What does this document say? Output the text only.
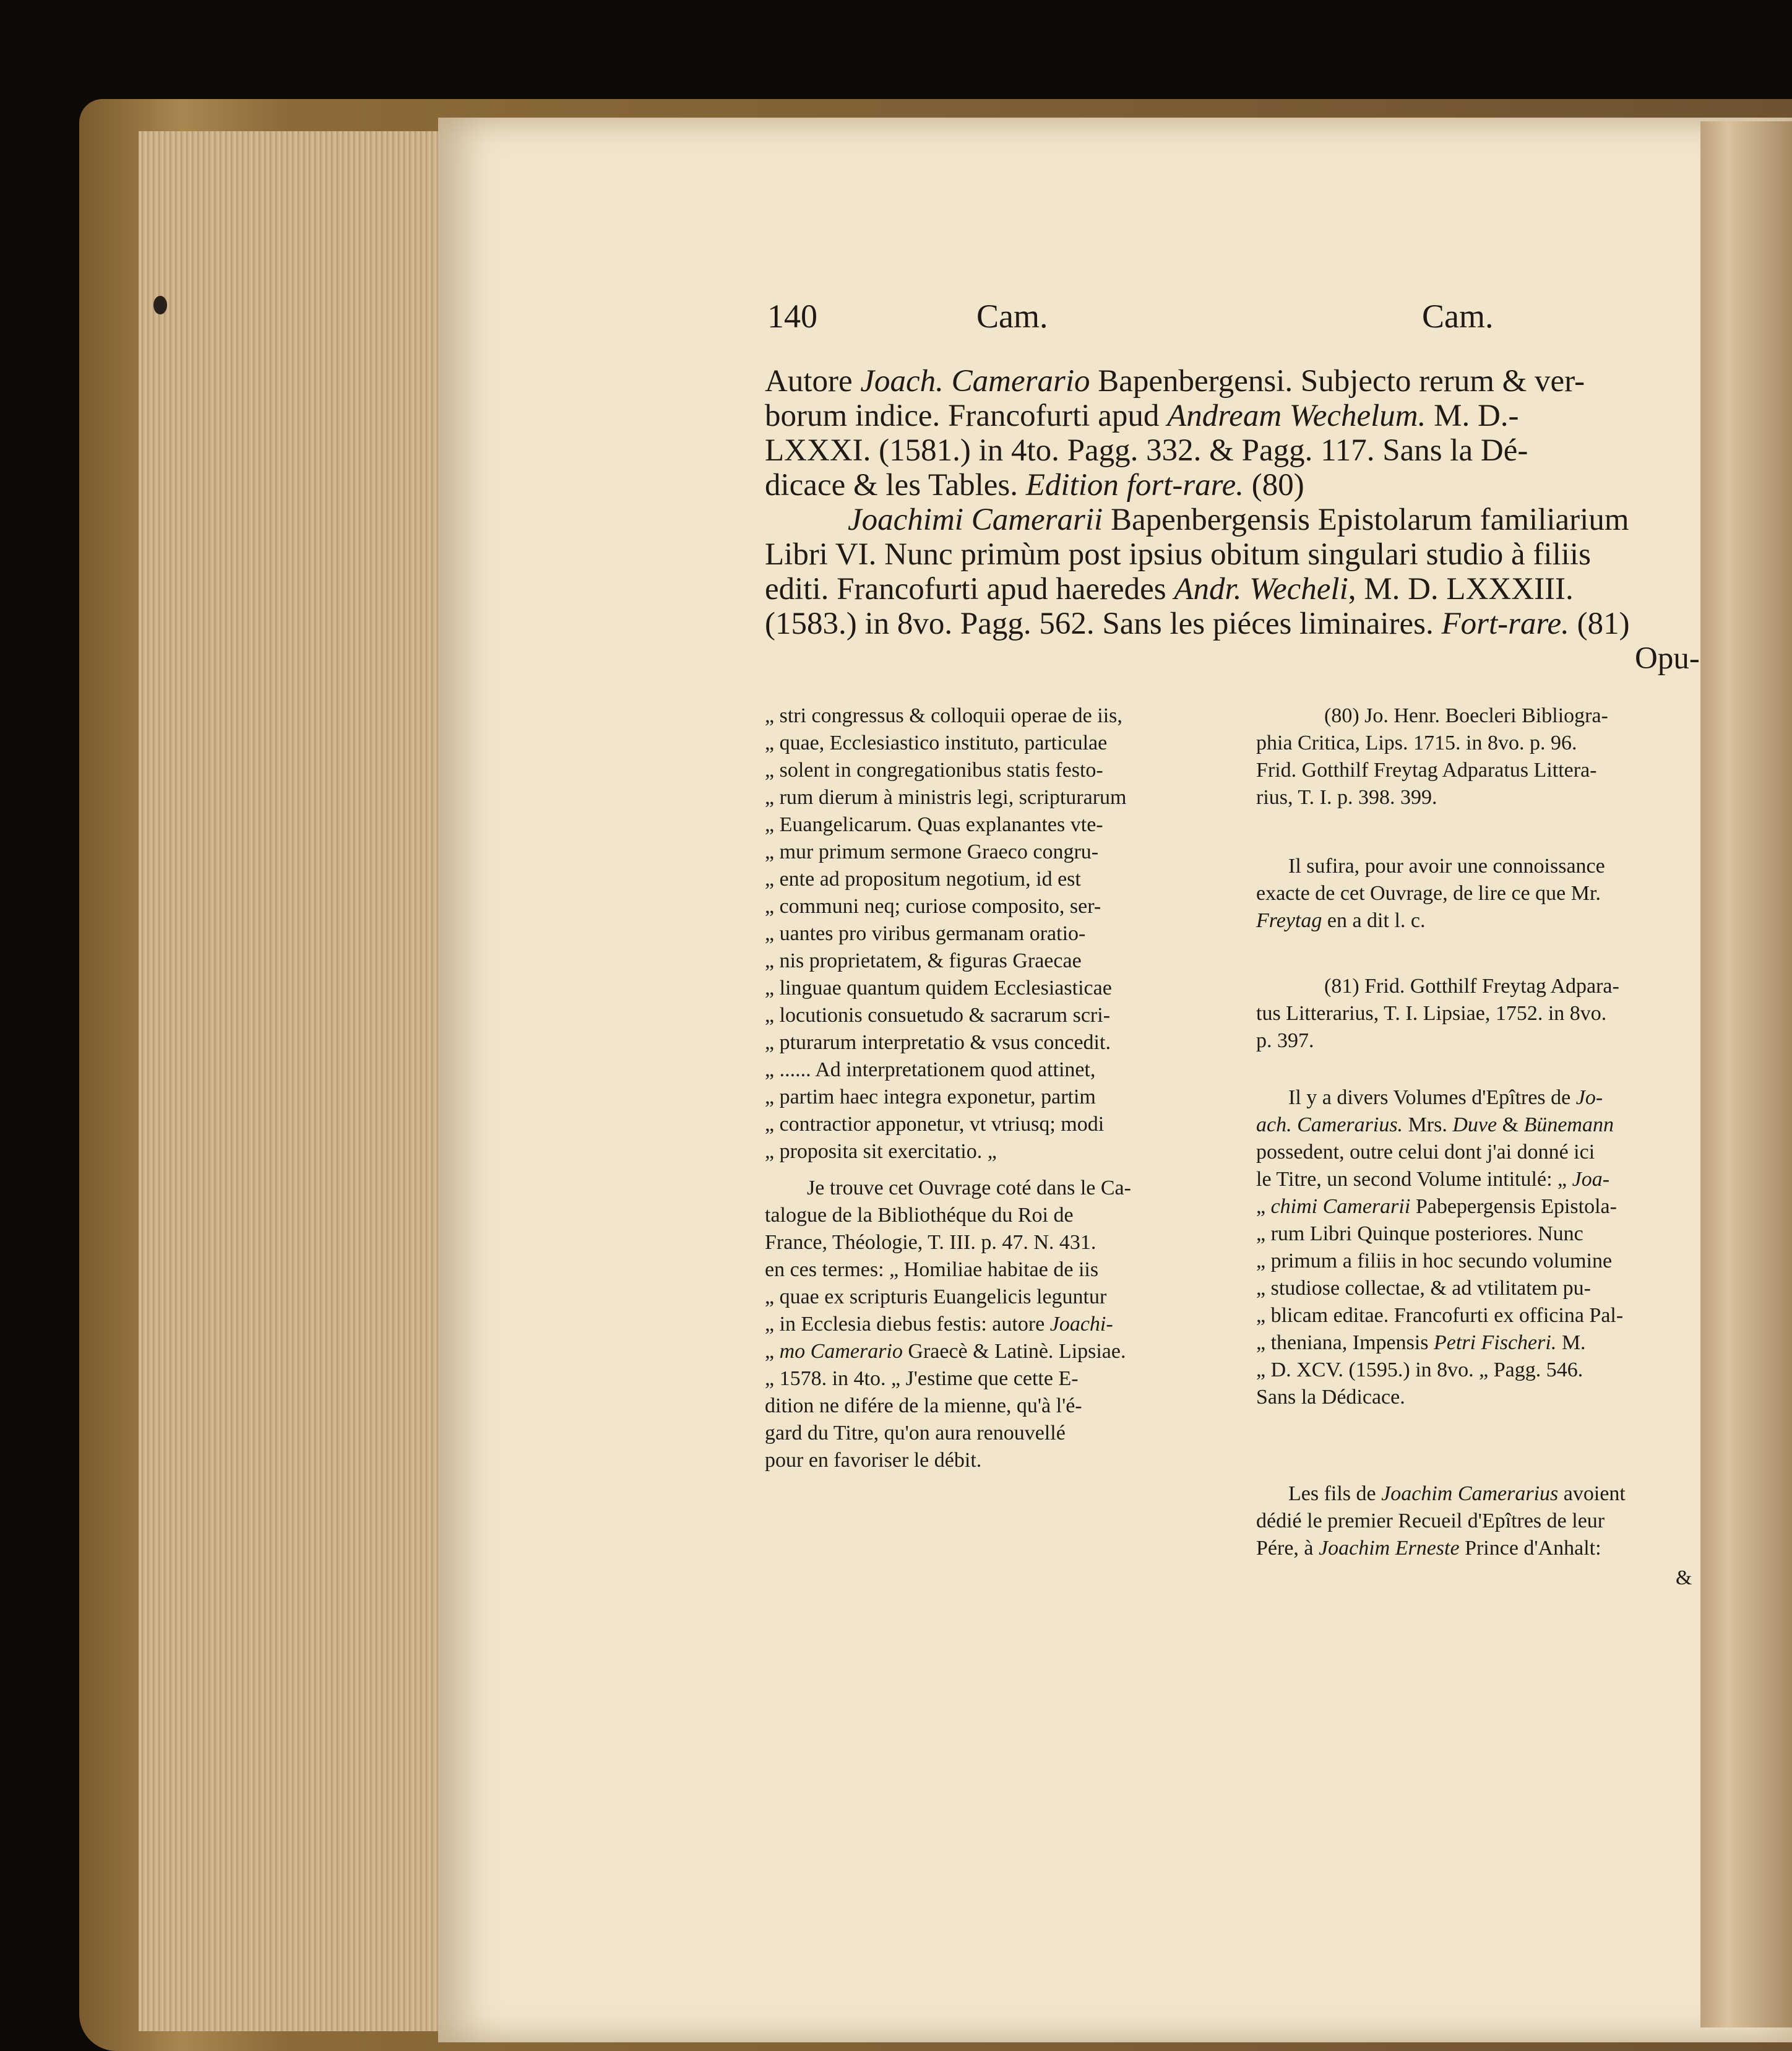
140	Cam.	Cam.
Autore Joach. Camerario Bapenbergensi. Subjecto rerum & ver-
borum indice. Francofurti apud Andream Wechelum. M. D.-
LXXXI. (1581.) in 4to. Pagg. 332. & Pagg. 117. Sans la Dé-
dicace & les Tables. Edition fort-rare. (80)
Joachimi Camerarii Bapenbergensis Epistolarum familiarium
Libri VI. Nunc primùm post ipsius obitum singulari studio à filiis
editi. Francofurti apud haeredes Andr. Wecheli, M. D. LXXXIII.
(1583.) in 8vo. Pagg. 562. Sans les piéces liminaires. Fort-rare. (81)
Opu-
„ stri congressus & colloquii operae de iis,
„ quae, Ecclesiastico instituto, particulae
„ solent in congregationibus statis festo-
„ rum dierum à ministris legi, scripturarum
„ Euangelicarum. Quas explanantes vte-
„ mur primum sermone Graeco congru-
„ ente ad propositum negotium, id est
„ communi neq; curiose composito, ser-
„ uantes pro viribus germanam oratio-
„ nis proprietatem, & figuras Graecae
„ linguae quantum quidem Ecclesiasticae
„ locutionis consuetudo & sacrarum scri-
„ pturarum interpretatio & vsus concedit.
„ ...... Ad interpretationem quod attinet,
„ partim haec integra exponetur, partim
„ contractior apponetur, vt vtriusq; modi
„ proposita sit exercitatio. „
Je trouve cet Ouvrage coté dans le Ca-
talogue de la Bibliothéque du Roi de
France, Théologie, T. III. p. 47. N. 431.
en ces termes: „ Homiliae habitae de iis
„ quae ex scripturis Euangelicis leguntur
„ in Ecclesia diebus festis: autore Joachi-
„ mo Camerario Graecè & Latinè. Lipsiae.
„ 1578. in 4to. „ J'estime que cette E-
dition ne difére de la mienne, qu'à l'é-
gard du Titre, qu'on aura renouvellé
pour en favoriser le débit.
(80) Jo. Henr. Boecleri Bibliogra-
phia Critica, Lips. 1715. in 8vo. p. 96.
Frid. Gotthilf Freytag Adparatus Littera-
rius, T. I. p. 398. 399.
Il sufira, pour avoir une connoissance
exacte de cet Ouvrage, de lire ce que Mr.
Freytag en a dit l. c.
(81) Frid. Gotthilf Freytag Adpara-
tus Litterarius, T. I. Lipsiae, 1752. in 8vo.
p. 397.
Il y a divers Volumes d'Epîtres de Jo-
ach. Camerarius. Mrs. Duve & Bünemann
possedent, outre celui dont j'ai donné ici
le Titre, un second Volume intitulé: „ Joa-
„ chimi Camerarii Pabepergensis Epistola-
„ rum Libri Quinque posteriores. Nunc
„ primum a filiis in hoc secundo volumine
„ studiose collectae, & ad vtilitatem pu-
„ blicam editae. Francofurti ex officina Pal-
„ theniana, Impensis Petri Fischeri. M.
„ D. XCV. (1595.) in 8vo. „ Pagg. 546.
Sans la Dédicace.
Les fils de Joachim Camerarius avoient
dédié le premier Recueil d'Epîtres de leur
Pére, à Joachim Erneste Prince d'Anhalt:
&
